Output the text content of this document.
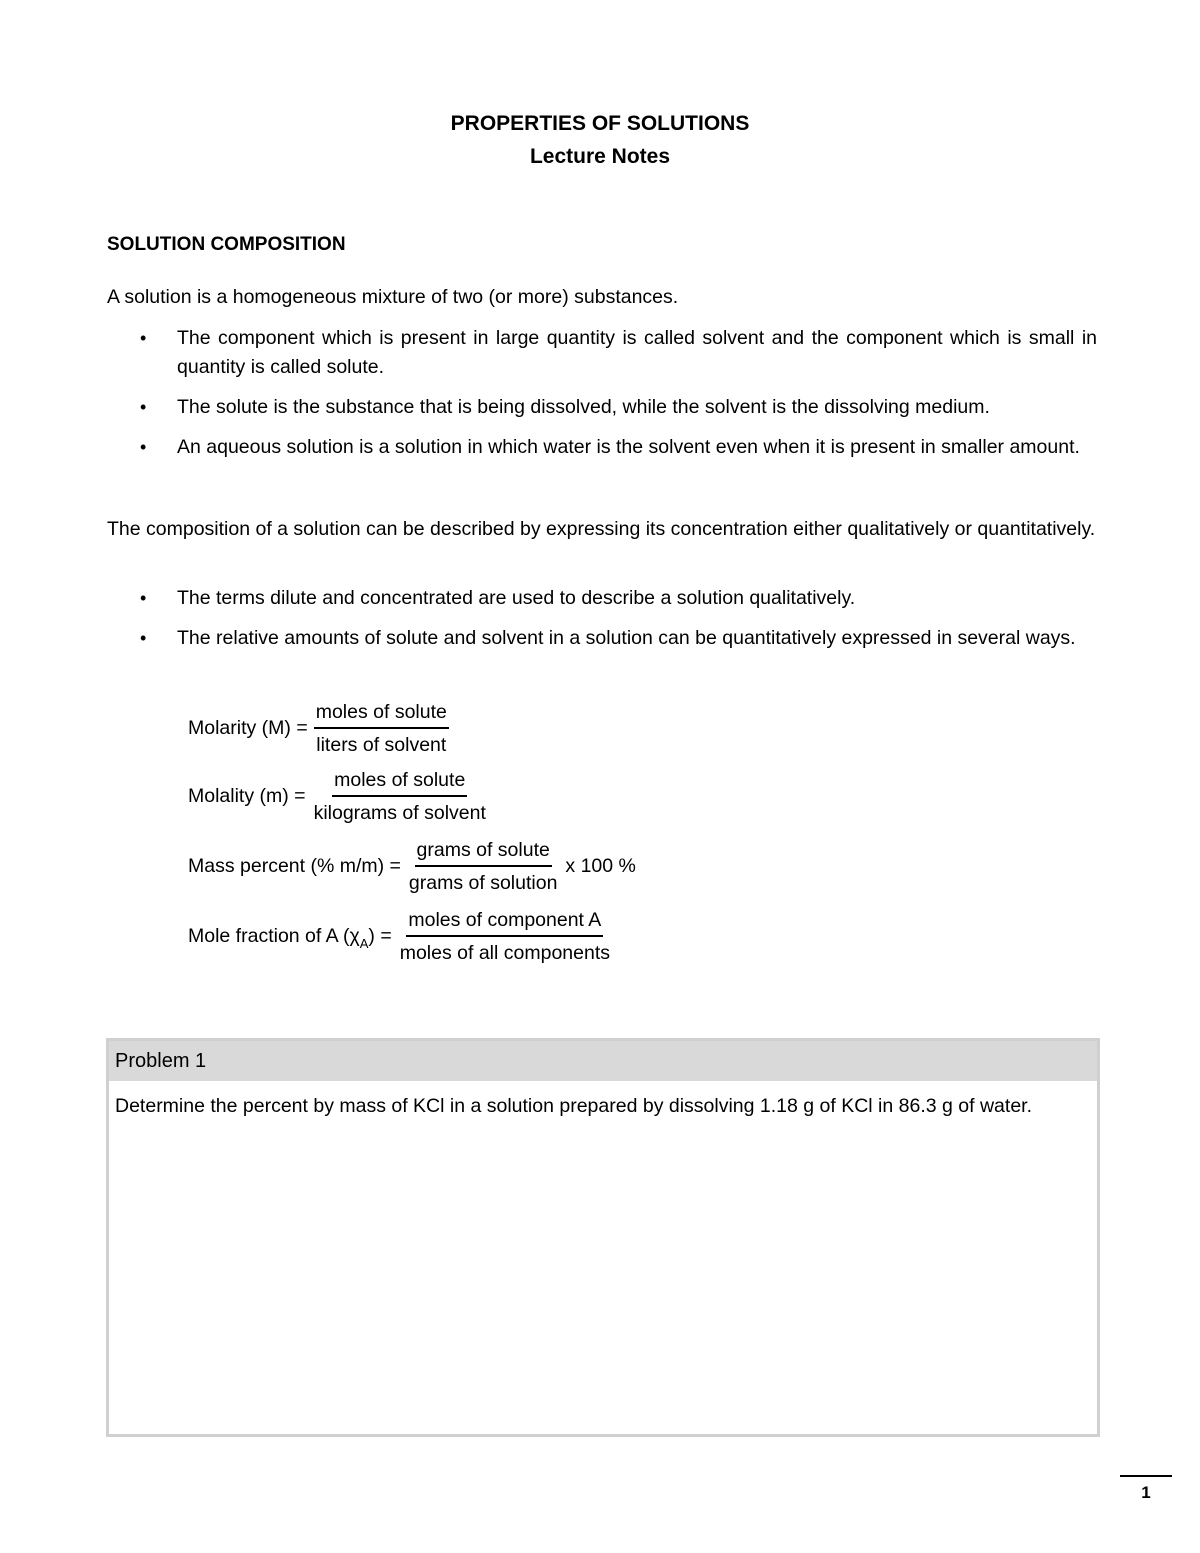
PROPERTIES OF SOLUTIONS
Lecture Notes
SOLUTION COMPOSITION
A solution is a homogeneous mixture of two (or more) substances.
• The component which is present in large quantity is called solvent and the component which is small in quantity is called solute.
• The solute is the substance that is being dissolved, while the solvent is the dissolving medium.
• An aqueous solution is a solution in which water is the solvent even when it is present in smaller amount.
The composition of a solution can be described by expressing its concentration either qualitatively or quantitatively.
• The terms dilute and concentrated are used to describe a solution qualitatively.
• The relative amounts of solute and solvent in a solution can be quantitatively expressed in several ways.
Molarity $(M) = \frac{\text{moles of solute}}{\text{liters of solvent}}$
Molality $(m) = \frac{\text{moles of solute}}{\text{kilograms of solvent}}$
Mass percent (% $m/m) = \frac{\text{grams of solute}}{\text{grams of solution}}$ x 100 %
Mole fraction of A $(\chi_A) = \frac{\text{moles of component A}}{\text{moles of all components}}$
Problem 1
Determine the percent by mass of KCl in a solution prepared by dissolving 1.18 g of KCl in 86.3 g of water.
1
